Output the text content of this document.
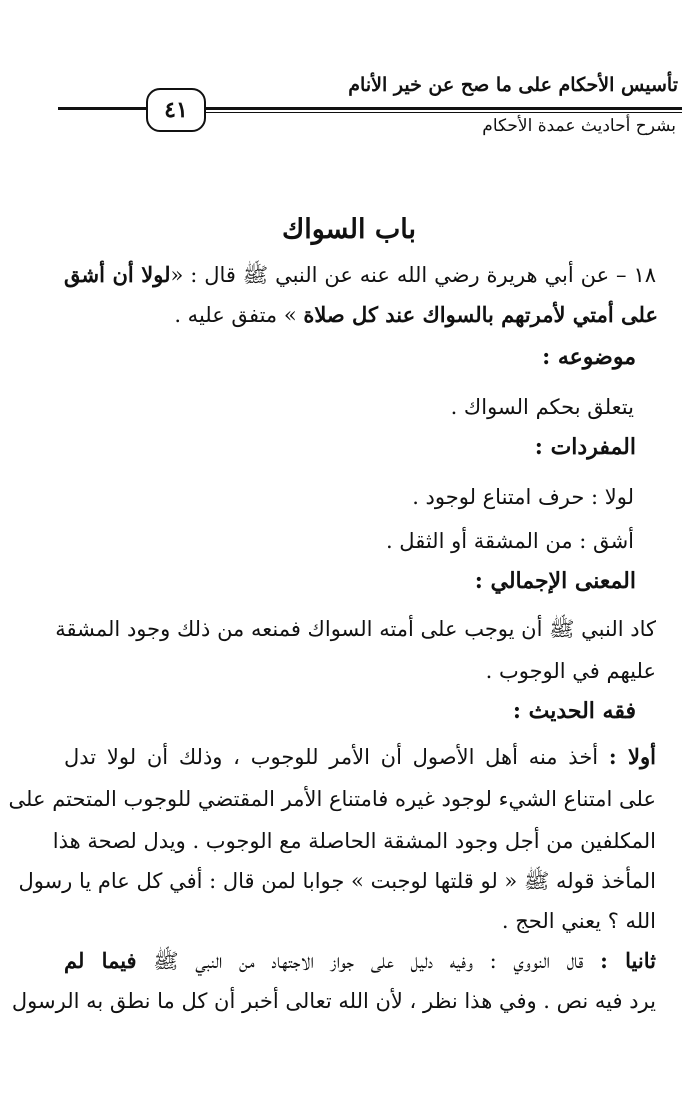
تأسيس الأحكام على ما صح عن خير الأنام
٤١
بشرح أحاديث عمدة الأحكام
باب السواك
١٨ – عن أبي هريرة رضي الله عنه عن النبي ﷺ قال : «لولا أن أشق
على أمتي لأمرتهم بالسواك عند كل صلاة » متفق عليه .
موضوعه :
يتعلق بحكم السواك .
المفردات :
لولا : حرف امتناع لوجود .
أشق : من المشقة أو الثقل .
المعنى الإجمالي :
كاد النبي ﷺ أن يوجب على أمته السواك فمنعه من ذلك وجود المشقة
عليهم في الوجوب .
فقه الحديث :
أولا : أخذ منه أهل الأصول أن الأمر للوجوب ، وذلك أن لولا تدل
على امتناع الشيء لوجود غيره فامتناع الأمر المقتضي للوجوب المتحتم على
المكلفين من أجل وجود المشقة الحاصلة مع الوجوب . ويدل لصحة هذا
المأخذ قوله ﷺ « لو قلتها لوجبت » جوابا لمن قال : أفي كل عام يا رسول
الله ؟ يعني الحج .
ثانيا : قال النووي : وفيه دليل على جواز الاجتهاد من النبي ﷺ فيما لم
يرد فيه نص . وفي هذا نظر ، لأن الله تعالى أخبر أن كل ما نطق به الرسول
